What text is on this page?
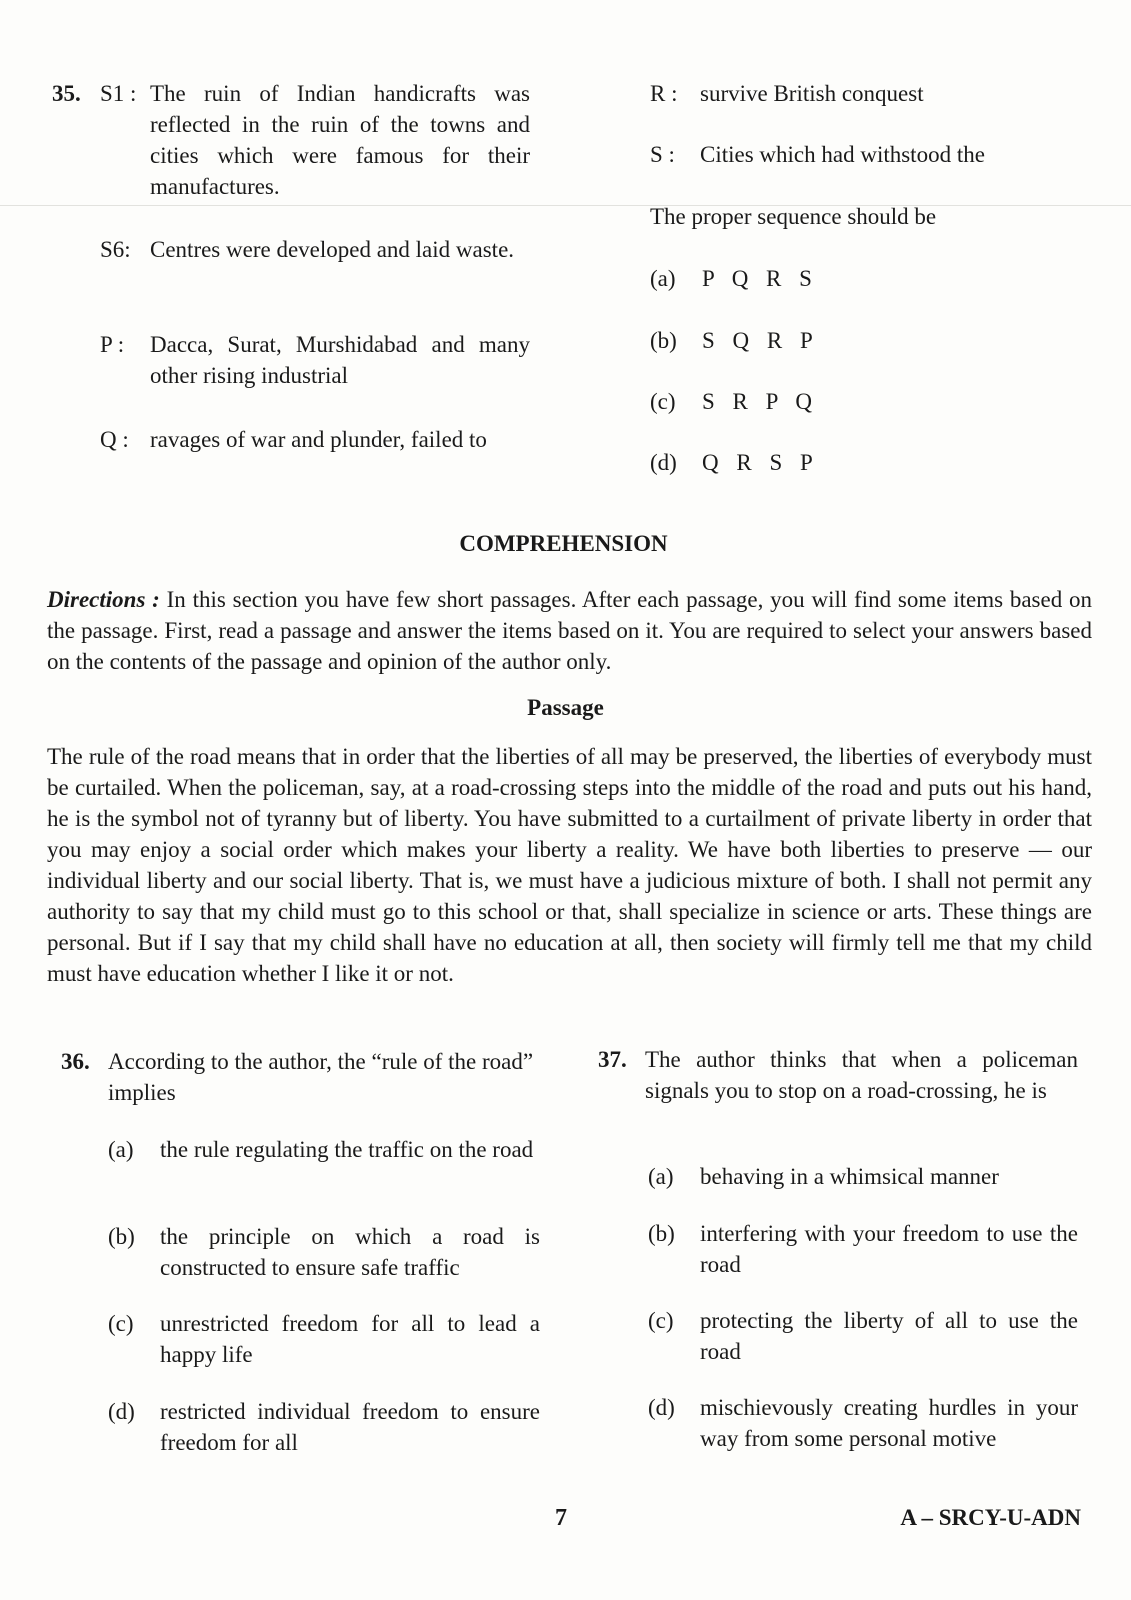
35. S1 : The ruin of Indian handicrafts was reflected in the ruin of the towns and cities which were famous for their manufactures.
S6: Centres were developed and laid waste.
P :	Dacca, Surat, Murshidabad and many other rising industrial
Q : ravages of war and plunder, failed to
R : survive British conquest
S :	Cities which had withstood the
The proper sequence should be
(a)	P Q R S
(b)	S Q R P
(c)	S R P Q
(d)	Q R S P
COMPREHENSION
Directions : In this section you have few short passages. After each passage, you will find some items based on the passage. First, read a passage and answer the items based on it. You are required to select your answers based on the contents of the passage and opinion of the author only.
Passage
The rule of the road means that in order that the liberties of all may be preserved, the liberties of everybody must be curtailed. When the policeman, say, at a road-crossing steps into the middle of the road and puts out his hand, he is the symbol not of tyranny but of liberty. You have submitted to a curtailment of private liberty in order that you may enjoy a social order which makes your liberty a reality. We have both liberties to preserve — our individual liberty and our social liberty. That is, we must have a judicious mixture of both. I shall not permit any authority to say that my child must go to this school or that, shall specialize in science or arts. These things are personal. But if I say that my child shall have no education at all, then society will firmly tell me that my child must have education whether I like it or not.
36. According to the author, the “rule of the road” implies
(a)	the rule regulating the traffic on the road
(b)	the principle on which a road is constructed to ensure safe traffic
(c)	unrestricted freedom for all to lead a happy life
(d)	restricted individual freedom to ensure freedom for all
37. The author thinks that when a policeman signals you to stop on a road-crossing, he is
(a)	behaving in a whimsical manner
(b)	interfering with your freedom to use the road
(c)	protecting the liberty of all to use the road
(d)	mischievously creating hurdles in your way from some personal motive
7	A – SRCY-U-ADN
